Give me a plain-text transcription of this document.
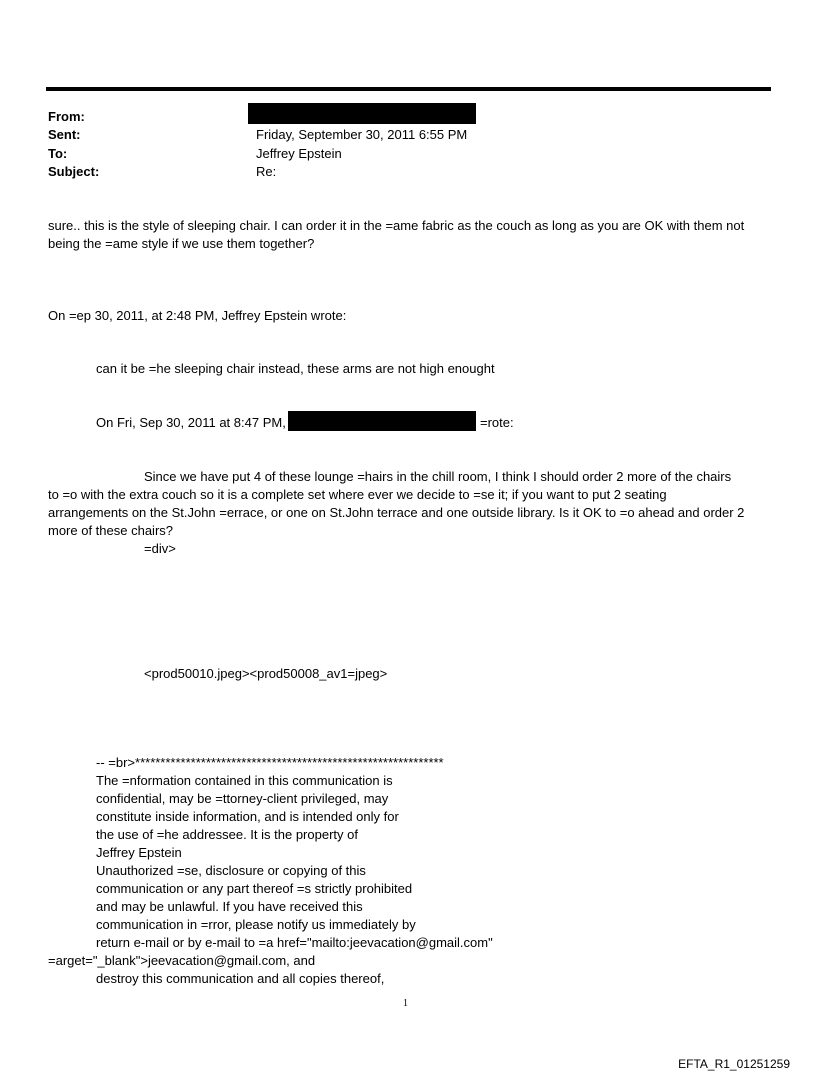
From:
Sent:	Friday, September 30, 2011 6:55 PM
To:	Jeffrey Epstein
Subject:	Re:
sure.. this is the style of sleeping chair. I can order it in the =ame fabric as the couch as long as you are OK with them not
being the =ame style if we use them together?
On =ep 30, 2011, at 2:48 PM, Jeffrey Epstein wrote:
can it be =he sleeping chair instead, these arms are not high enought
On Fri, Sep 30, 2011 at 8:47 PM,	=rote:
Since we have put 4 of these lounge =hairs in the chill room, I think I should order 2 more of the chairs
to =o with the extra couch so it is a complete set where ever we decide to =se it; if you want to put 2 seating
arrangements on the St.John =errace, or one on St.John terrace and one outside library. Is it OK to =o ahead and order 2
more of these chairs?
=div>
<prod50010.jpeg><prod50008_av1=jpeg>
-- =br>*************************************************************
The =nformation contained in this communication is
confidential, may be =ttorney-client privileged, may
constitute inside information, and is intended only for
the use of =he addressee. It is the property of
Jeffrey Epstein
Unauthorized =se, disclosure or copying of this
communication or any part thereof =s strictly prohibited
and may be unlawful. If you have received this
communication in =rror, please notify us immediately by
return e-mail or by e-mail to =a href="mailto:jeevacation@gmail.com"
=arget="_blank">jeevacation@gmail.com, and
destroy this communication and all copies thereof,
1
EFTA_R1_01251259
